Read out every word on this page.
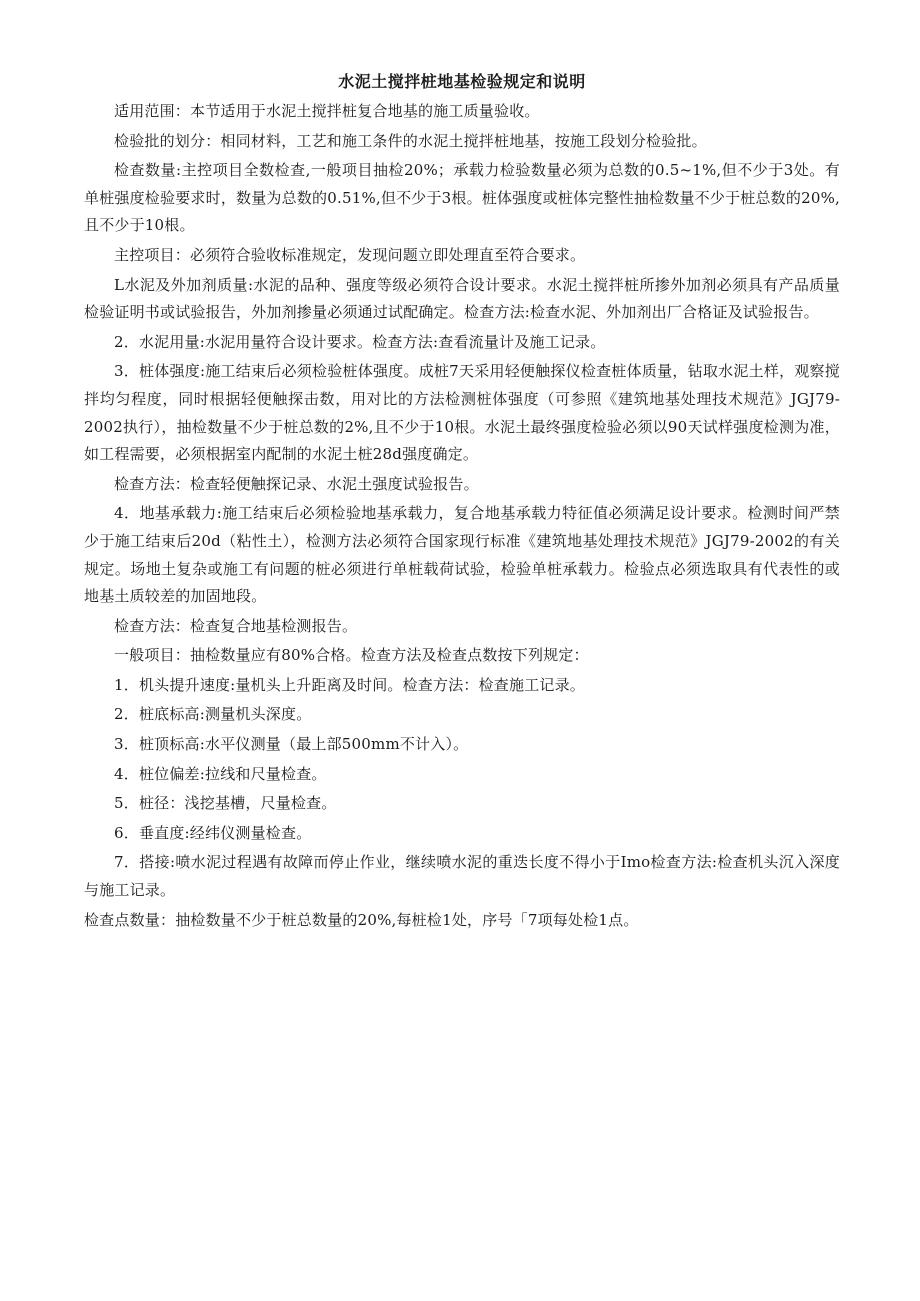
水泥土搅拌桩地基检验规定和说明

适用范围：本节适用于水泥土搅拌桩复合地基的施工质量验收。

检验批的划分：相同材料，工艺和施工条件的水泥土搅拌桩地基，按施工段划分检验批。

检查数量:主控项目全数检查,一般项目抽检20%；承载力检验数量必须为总数的0.5~1%,但不少于3处。有单桩强度检验要求时，数量为总数的0.51%,但不少于3根。桩体强度或桩体完整性抽检数量不少于桩总数的20%,且不少于10根。

主控项目：必须符合验收标准规定，发现问题立即处理直至符合要求。

L水泥及外加剂质量:水泥的品种、强度等级必须符合设计要求。水泥土搅拌桩所掺外加剂必须具有产品质量检验证明书或试验报告，外加剂掺量必须通过试配确定。检查方法:检查水泥、外加剂出厂合格证及试验报告。

2．水泥用量:水泥用量符合设计要求。检查方法:查看流量计及施工记录。

3．桩体强度:施工结束后必须检验桩体强度。成桩7天采用轻便触探仪检查桩体质量，钻取水泥土样，观察搅拌均匀程度，同时根据轻便触探击数，用对比的方法检测桩体强度（可参照《建筑地基处理技术规范》JGJ79-2002执行），抽检数量不少于桩总数的2%,且不少于10根。水泥土最终强度检验必须以90天试样强度检测为准，如工程需要，必须根据室内配制的水泥土桩28d强度确定。

检查方法：检查轻便触探记录、水泥土强度试验报告。

4．地基承载力:施工结束后必须检验地基承载力，复合地基承载力特征值必须满足设计要求。检测时间严禁少于施工结束后20d（粘性土），检测方法必须符合国家现行标准《建筑地基处理技术规范》JGJ79-2002的有关规定。场地土复杂或施工有问题的桩必须进行单桩载荷试验，检验单桩承载力。检验点必须选取具有代表性的或地基土质较差的加固地段。

检查方法：检查复合地基检测报告。

一般项目：抽检数量应有80%合格。检查方法及检查点数按下列规定：

1．机头提升速度:量机头上升距离及时间。检查方法：检查施工记录。

2．桩底标高:测量机头深度。

3．桩顶标高:水平仪测量（最上部500mm不计入）。

4．桩位偏差:拉线和尺量检查。

5．桩径：浅挖基槽，尺量检查。

6．垂直度:经纬仪测量检查。

7．搭接:喷水泥过程遇有故障而停止作业，继续喷水泥的重迭长度不得小于Imo检查方法:检查机头沉入深度与施工记录。

检查点数量：抽检数量不少于桩总数量的20%,每桩检1处，序号「7项每处检1点。
